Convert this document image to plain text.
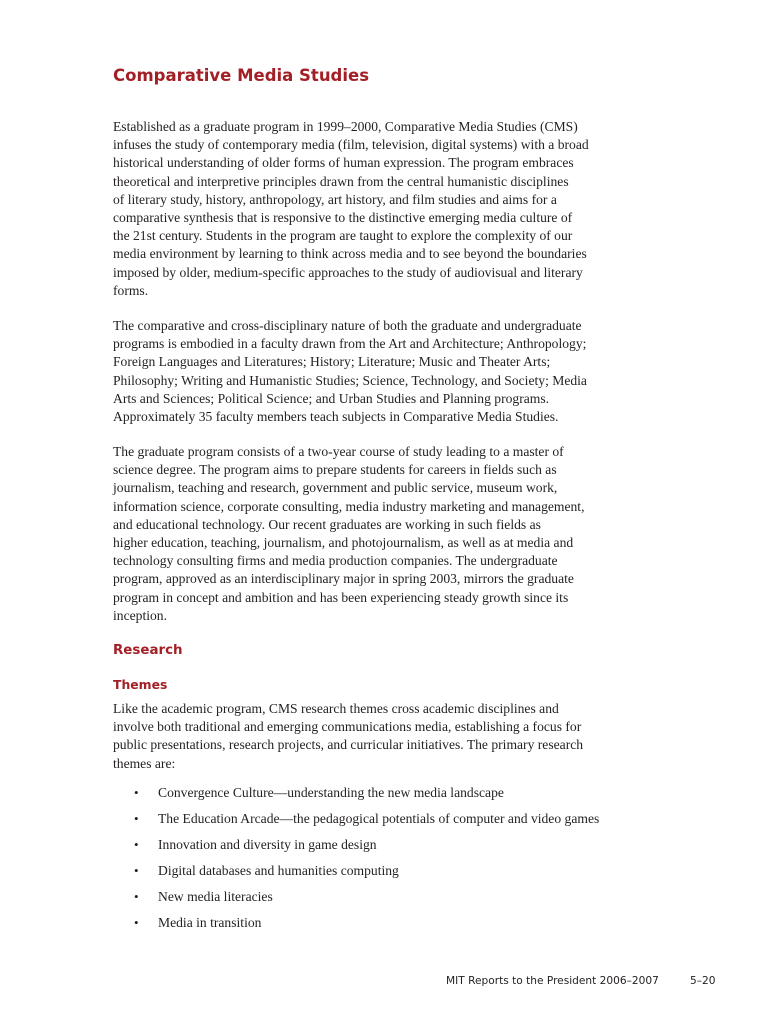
Comparative Media Studies

Established as a graduate program in 1999–2000, Comparative Media Studies (CMS)
infuses the study of contemporary media (film, television, digital systems) with a broad
historical understanding of older forms of human expression. The program embraces
theoretical and interpretive principles drawn from the central humanistic disciplines
of literary study, history, anthropology, art history, and film studies and aims for a
comparative synthesis that is responsive to the distinctive emerging media culture of
the 21st century. Students in the program are taught to explore the complexity of our
media environment by learning to think across media and to see beyond the boundaries
imposed by older, medium-specific approaches to the study of audiovisual and literary
forms.

The comparative and cross-disciplinary nature of both the graduate and undergraduate
programs is embodied in a faculty drawn from the Art and Architecture; Anthropology;
Foreign Languages and Literatures; History; Literature; Music and Theater Arts;
Philosophy; Writing and Humanistic Studies; Science, Technology, and Society; Media
Arts and Sciences; Political Science; and Urban Studies and Planning programs.
Approximately 35 faculty members teach subjects in Comparative Media Studies.

The graduate program consists of a two-year course of study leading to a master of
science degree. The program aims to prepare students for careers in fields such as
journalism, teaching and research, government and public service, museum work,
information science, corporate consulting, media industry marketing and management,
and educational technology. Our recent graduates are working in such fields as
higher education, teaching, journalism, and photojournalism, as well as at media and
technology consulting firms and media production companies. The undergraduate
program, approved as an interdisciplinary major in spring 2003, mirrors the graduate
program in concept and ambition and has been experiencing steady growth since its
inception.

Research
Themes

Like the academic program, CMS research themes cross academic disciplines and
involve both traditional and emerging communications media, establishing a focus for
public presentations, research projects, and curricular initiatives. The primary research
themes are:

• Convergence Culture—understanding the new media landscape
• The Education Arcade—the pedagogical potentials of computer and video games
• Innovation and diversity in game design
• Digital databases and humanities computing
• New media literacies
• Media in transition
MIT Reports to the President 2006–2007	5–20
